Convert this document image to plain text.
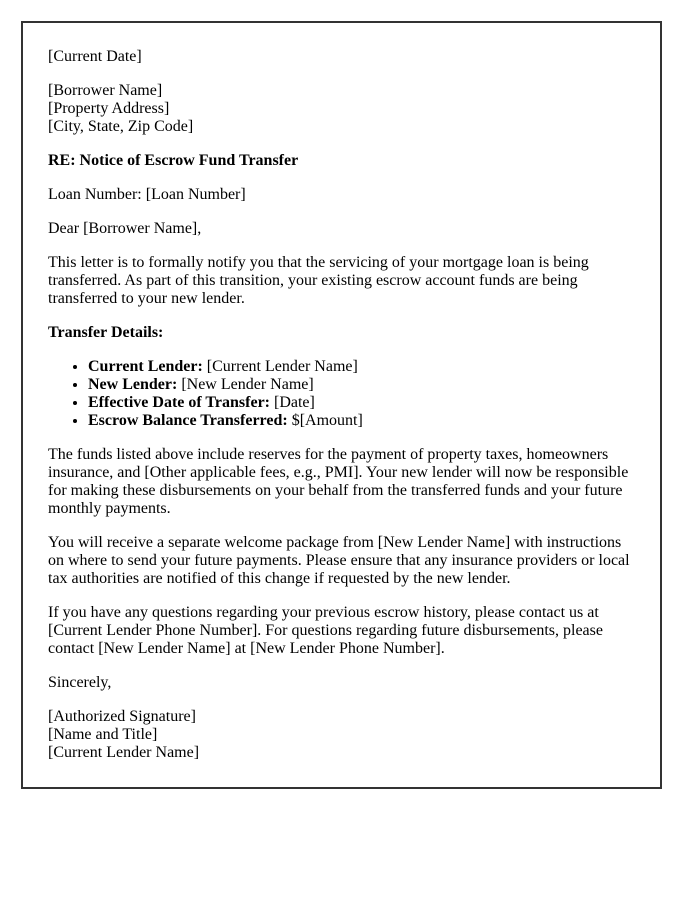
[Current Date]

[Borrower Name]
[Property Address]
[City, State, Zip Code]

RE: Notice of Escrow Fund Transfer

Loan Number: [Loan Number]

Dear [Borrower Name],

This letter is to formally notify you that the servicing of your mortgage loan is being transferred. As part of this transition, your existing escrow account funds are being transferred to your new lender.

Transfer Details:

• Current Lender: [Current Lender Name]
• New Lender: [New Lender Name]
• Effective Date of Transfer: [Date]
• Escrow Balance Transferred: $[Amount]

The funds listed above include reserves for the payment of property taxes, homeowners insurance, and [Other applicable fees, e.g., PMI]. Your new lender will now be responsible for making these disbursements on your behalf from the transferred funds and your future monthly payments.

You will receive a separate welcome package from [New Lender Name] with instructions on where to send your future payments. Please ensure that any insurance providers or local tax authorities are notified of this change if requested by the new lender.

If you have any questions regarding your previous escrow history, please contact us at [Current Lender Phone Number]. For questions regarding future disbursements, please contact [New Lender Name] at [New Lender Phone Number].

Sincerely,

[Authorized Signature]
[Name and Title]
[Current Lender Name]
